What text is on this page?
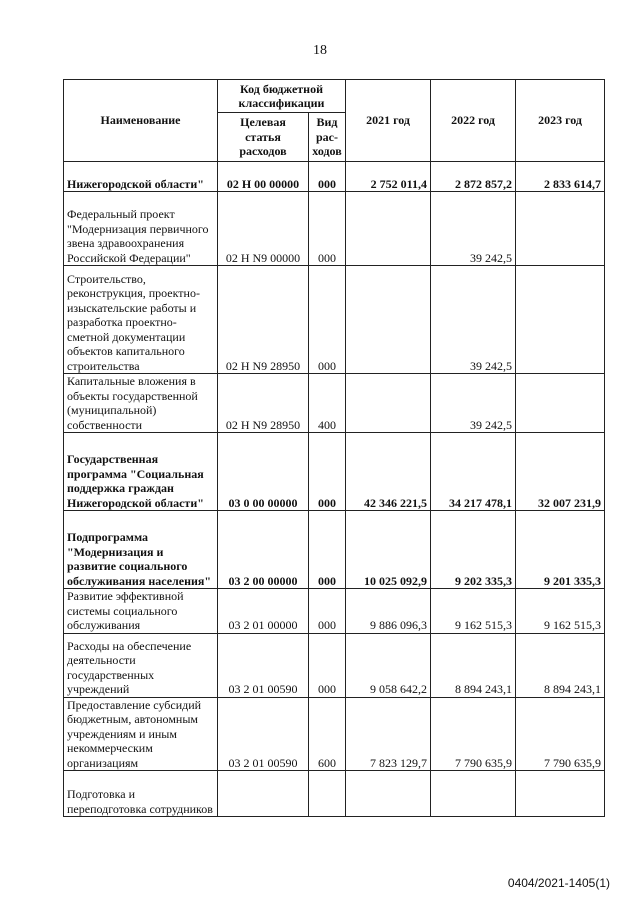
18
Наименование	Код бюджетной классификации		2021 год	2022 год	2023 год
	Целевая статья расходов	Вид рас-ходов			
Нижегородской области"	02 Н 00 00000	000	2 752 011,4	2 872 857,2	2 833 614,7
Федеральный проект "Модернизация первичного звена здравоохранения Российской Федерации"	02 Н N9 00000	000		39 242,5	
Строительство, реконструкция, проектно-изыскательские работы и разработка проектно-сметной документации объектов капитального строительства	02 Н N9 28950	000		39 242,5	
Капитальные вложения в объекты государственной (муниципальной) собственности	02 Н N9 28950	400		39 242,5	
Государственная программа "Социальная поддержка граждан Нижегородской области"	03 0 00 00000	000	42 346 221,5	34 217 478,1	32 007 231,9
Подпрограмма "Модернизация и развитие социального обслуживания населения"	03 2 00 00000	000	10 025 092,9	9 202 335,3	9 201 335,3
Развитие эффективной системы социального обслуживания	03 2 01 00000	000	9 886 096,3	9 162 515,3	9 162 515,3
Расходы на обеспечение деятельности государственных учреждений	03 2 01 00590	000	9 058 642,2	8 894 243,1	8 894 243,1
Предоставление субсидий бюджетным, автономным учреждениям и иным некоммерческим организациям	03 2 01 00590	600	7 823 129,7	7 790 635,9	7 790 635,9
Подготовка и переподготовка сотрудников					
0404/2021-1405(1)
